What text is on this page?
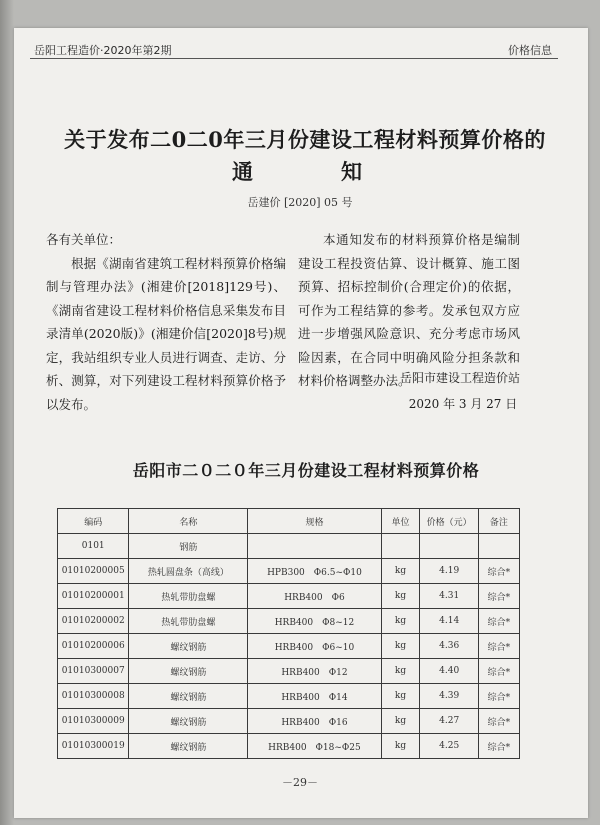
岳阳工程造价·2020年第2期	价格信息
关于发布二0二0年三月份建设工程材料预算价格的
通	知
岳建价 [2020] 05 号

各有关单位：

根据《湖南省建筑工程材料预算价格编制与管理办法》(湘建价[2018]129号)、《湖南省建设工程材料价格信息采集发布目录清单(2020版)》(湘建价信[2020]8号)规定，我站组织专业人员进行调查、走访、分析、测算，对下列建设工程材料预算价格予以发布。

本通知发布的材料预算价格是编制建设工程投资估算、设计概算、施工图预算、招标控制价(合理定价)的依据，可作为工程结算的参考。发承包双方应进一步增强风险意识、充分考虑市场风险因素，在合同中明确风险分担条款和材料价格调整办法。

岳阳市建设工程造价站
2020 年 3 月 27 日
岳阳市二０二０年三月份建设工程材料预算价格
编码	名称	规格	单位	价格（元）	备注
0101	钢筋				
01010200005	热轧圆盘条（高线）	HPB300　Φ6.5~Φ10	kg	4.19	综合*
01010200001	热轧带肋盘螺	HRB400　Φ6	kg	4.31	综合*
01010200002	热轧带肋盘螺	HRB400　Φ8~12	kg	4.14	综合*
01010200006	螺纹钢筋	HRB400　Φ6~10	kg	4.36	综合*
01010300007	螺纹钢筋	HRB400　Φ12	kg	4.40	综合*
01010300008	螺纹钢筋	HRB400　Φ14	kg	4.39	综合*
01010300009	螺纹钢筋	HRB400　Φ16	kg	4.27	综合*
01010300019	螺纹钢筋	HRB400　Φ18~Φ25	kg	4.25	综合*
－29－
